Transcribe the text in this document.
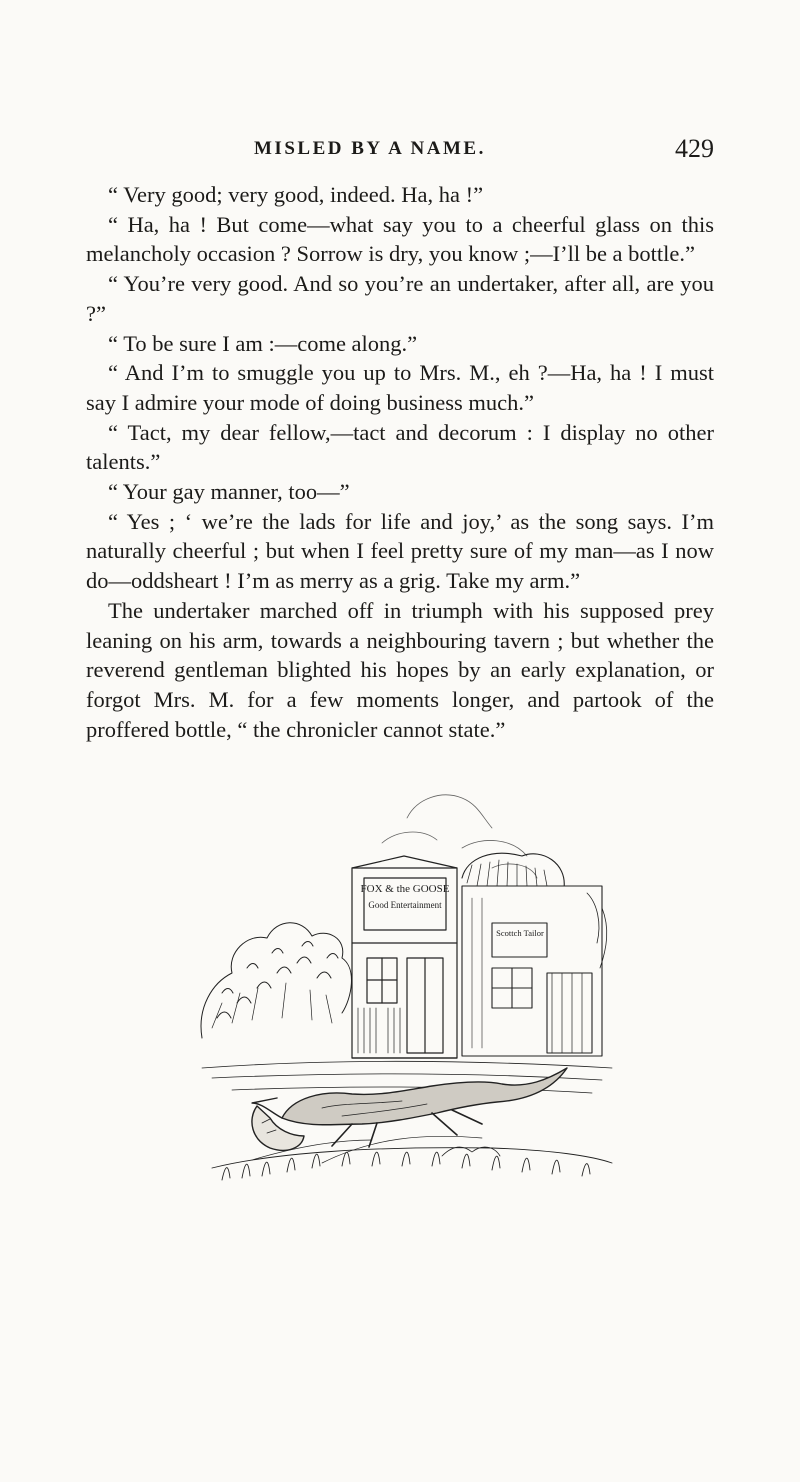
MISLED BY A NAME.	429

“ Very good; very good, indeed. Ha, ha !”

“ Ha, ha ! But come—what say you to a cheerful glass on this melancholy occasion ? Sorrow is dry, you know ;—I’ll be a bottle.”

“ You’re very good. And so you’re an undertaker, after all, are you ?”

“ To be sure I am :—come along.”

“ And I’m to smuggle you up to Mrs. M., eh ?—Ha, ha ! I must say I admire your mode of doing business much.”

“ Tact, my dear fellow,—tact and decorum : I display no other talents.”

“ Your gay manner, too—”

“ Yes ; ‘ we’re the lads for life and joy,’ as the song says. I’m naturally cheerful ; but when I feel pretty sure of my man—as I now do—oddsheart ! I’m as merry as a grig. Take my arm.”

The undertaker marched off in triumph with his supposed prey leaning on his arm, towards a neighbouring tavern ; but whether the reverend gentleman blighted his hopes by an early explanation, or forgot Mrs. M. for a few moments longer, and partook of the proffered bottle, “ the chronicler cannot state.”

FOX & the GOOSE
Good Entertainment
Scottch Tailor
